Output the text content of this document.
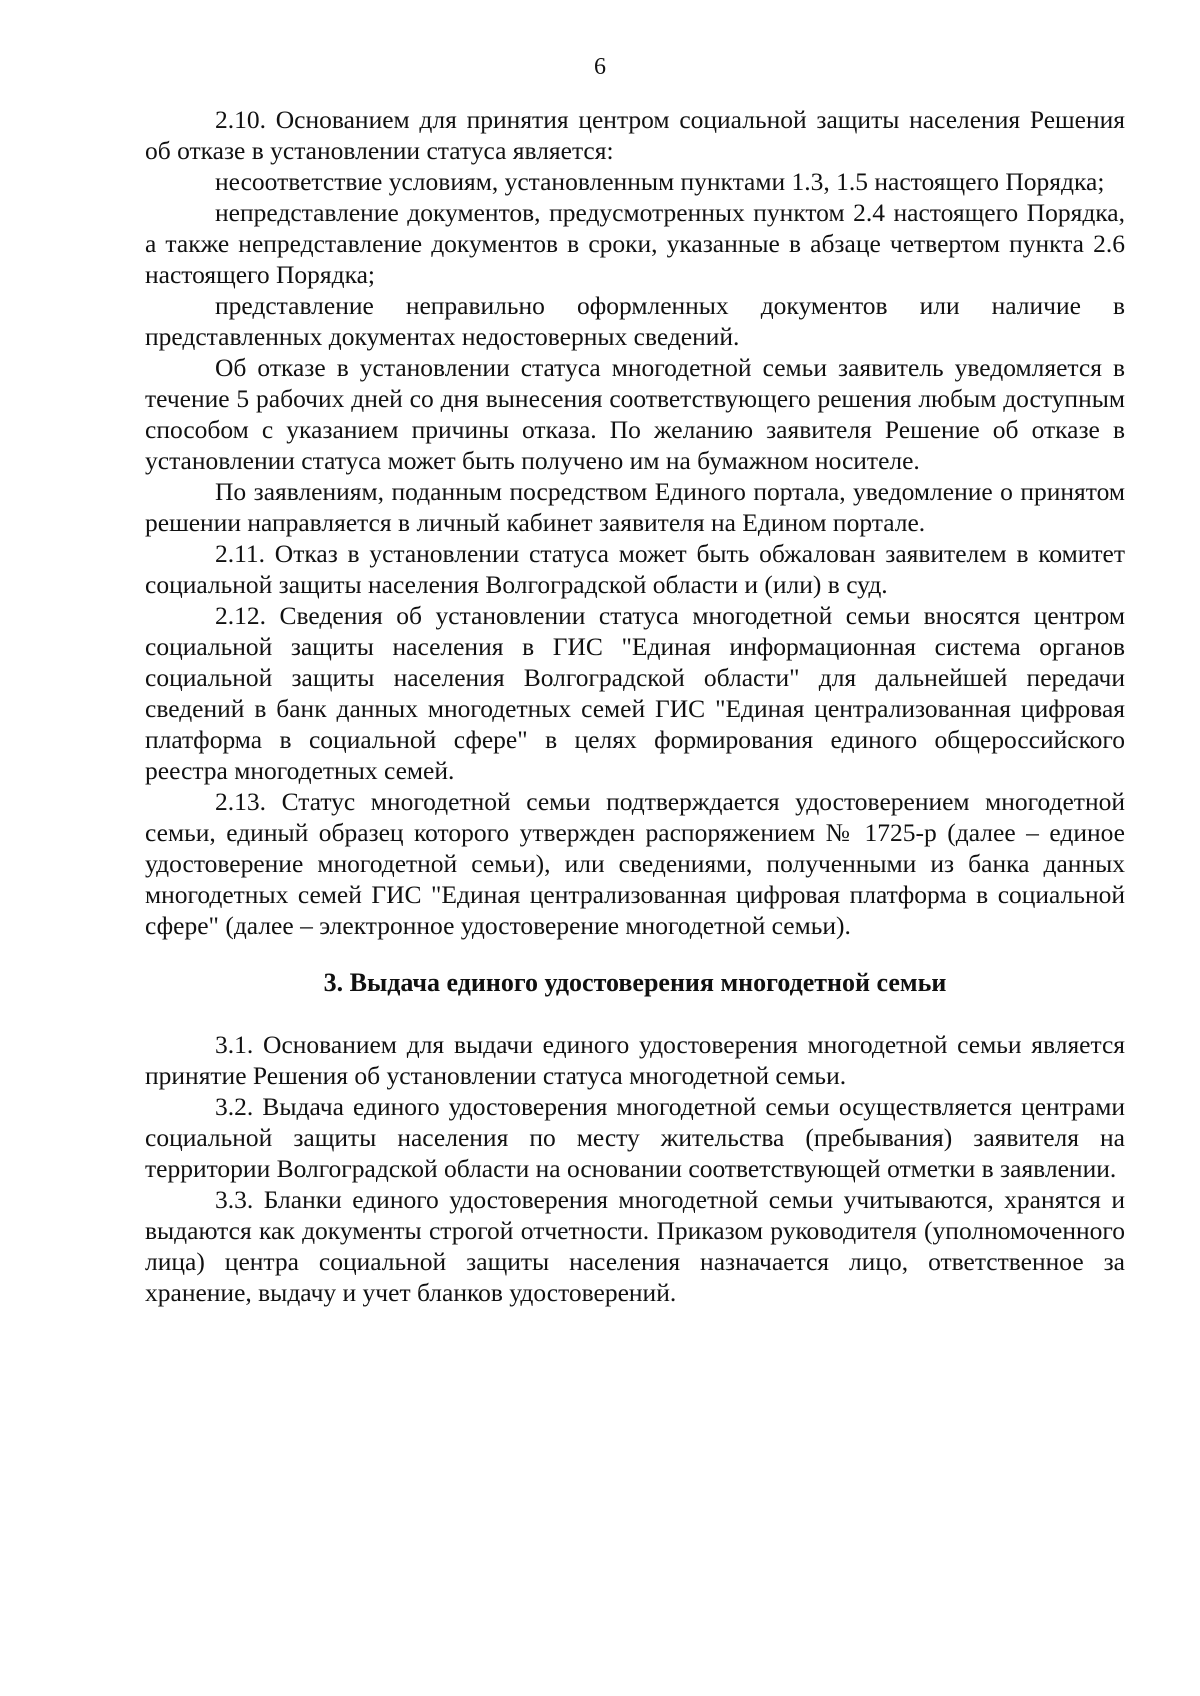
6

2.10. Основанием для принятия центром социальной защиты населения Решения об отказе в установлении статуса является:

несоответствие условиям, установленным пунктами 1.3, 1.5 настоящего Порядка;

непредставление документов, предусмотренных пунктом 2.4 настоящего Порядка, а также непредставление документов в сроки, указанные в абзаце четвертом пункта 2.6 настоящего Порядка;

представление неправильно оформленных документов или наличие в представленных документах недостоверных сведений.

Об отказе в установлении статуса многодетной семьи заявитель уведомляется в течение 5 рабочих дней со дня вынесения соответствующего решения любым доступным способом с указанием причины отказа. По желанию заявителя Решение об отказе в установлении статуса может быть получено им на бумажном носителе.

По заявлениям, поданным посредством Единого портала, уведомление о принятом решении направляется в личный кабинет заявителя на Едином портале.

2.11. Отказ в установлении статуса может быть обжалован заявителем в комитет социальной защиты населения Волгоградской области и (или) в суд.

2.12. Сведения об установлении статуса многодетной семьи вносятся центром социальной защиты населения в ГИС "Единая информационная система органов социальной защиты населения Волгоградской области" для дальнейшей передачи сведений в банк данных многодетных семей ГИС "Единая централизованная цифровая платформа в социальной сфере" в целях формирования единого общероссийского реестра многодетных семей.

2.13. Статус многодетной семьи подтверждается удостоверением многодетной семьи, единый образец которого утвержден распоряжением № 1725-р (далее – единое удостоверение многодетной семьи), или сведениями, полученными из банка данных многодетных семей ГИС "Единая централизованная цифровая платформа в социальной сфере" (далее – электронное удостоверение многодетной семьи).

3. Выдача единого удостоверения многодетной семьи

3.1. Основанием для выдачи единого удостоверения многодетной семьи является принятие Решения об установлении статуса многодетной семьи.

3.2. Выдача единого удостоверения многодетной семьи осуществляется центрами социальной защиты населения по месту жительства (пребывания) заявителя на территории Волгоградской области на основании соответствующей отметки в заявлении.

3.3. Бланки единого удостоверения многодетной семьи учитываются, хранятся и выдаются как документы строгой отчетности. Приказом руководителя (уполномоченного лица) центра социальной защиты населения назначается лицо, ответственное за хранение, выдачу и учет бланков удостоверений.
